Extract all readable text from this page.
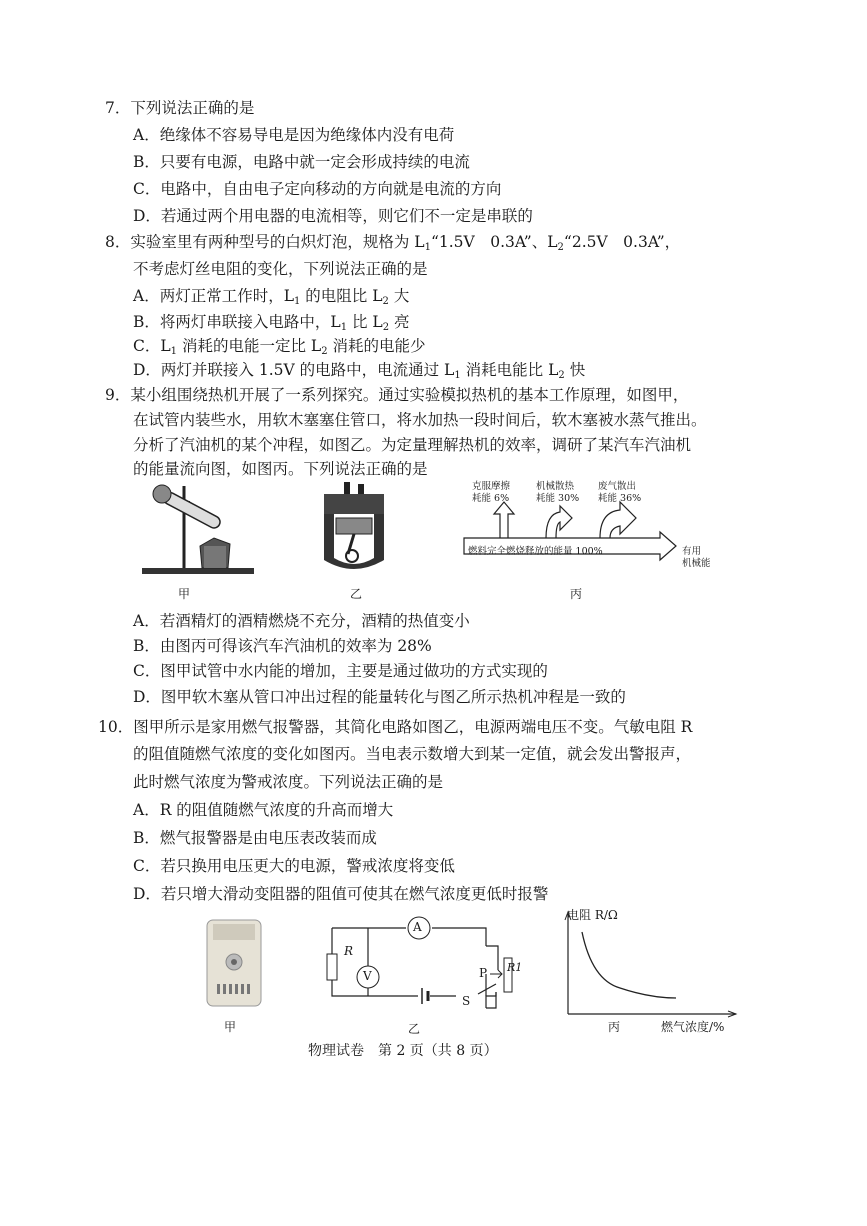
7．下列说法正确的是
A．绝缘体不容易导电是因为绝缘体内没有电荷
B．只要有电源，电路中就一定会形成持续的电流
C．电路中，自由电子定向移动的方向就是电流的方向
D．若通过两个用电器的电流相等，则它们不一定是串联的
8．实验室里有两种型号的白炽灯泡，规格为 $L_1“1.5V$　0.3A”、$L_2“2.5V$　0.3A”，
不考虑灯丝电阻的变化，下列说法正确的是
A．两灯正常工作时，$L_1$ 的电阻比 $L_2$ 大
B．将两灯串联接入电路中，$L_1$ 比 $L_2$ 亮
C．$L_1$ 消耗的电能一定比 $L_2$ 消耗的电能少
D．两灯并联接入 1.5V 的电路中，电流通过 $L_1$ 消耗电能比 $L_2$ 快
9．某小组围绕热机开展了一系列探究。通过实验模拟热机的基本工作原理，如图甲，
在试管内装些水，用软木塞塞住管口，将水加热一段时间后，软木塞被水蒸气推出。
分析了汽油机的某个冲程，如图乙。为定量理解热机的效率，调研了某汽车汽油机
的能量流向图，如图丙。下列说法正确的是
甲	乙
克服摩擦
耗能 6%
机械散热
耗能 30%
废气散出
耗能 36%
燃料完全燃烧释放的能量 100%	有用
机械能
丙
A．若酒精灯的酒精燃烧不充分，酒精的热值变小
B．由图丙可得该汽车汽油机的效率为 28%
C．图甲试管中水内能的增加，主要是通过做功的方式实现的
D．图甲软木塞从管口冲出过程的能量转化与图乙所示热机冲程是一致的
10．图甲所示是家用燃气报警器，其简化电路如图乙，电源两端电压不变。气敏电阻 R
的阻值随燃气浓度的变化如图丙。当电表示数增大到某一定值，就会发出警报声，
此时燃气浓度为警戒浓度。下列说法正确的是
A．R 的阻值随燃气浓度的升高而增大
B．燃气报警器是由电压表改装而成
C．若只换用电压更大的电源，警戒浓度将变低
D．若只增大滑动变阻器的阻值可使其在燃气浓度更低时报警
甲
A
V
R
P R1
S
乙
电阻 R/Ω
燃气浓度/%
丙
物理试卷　第 2 页（共 8 页）
